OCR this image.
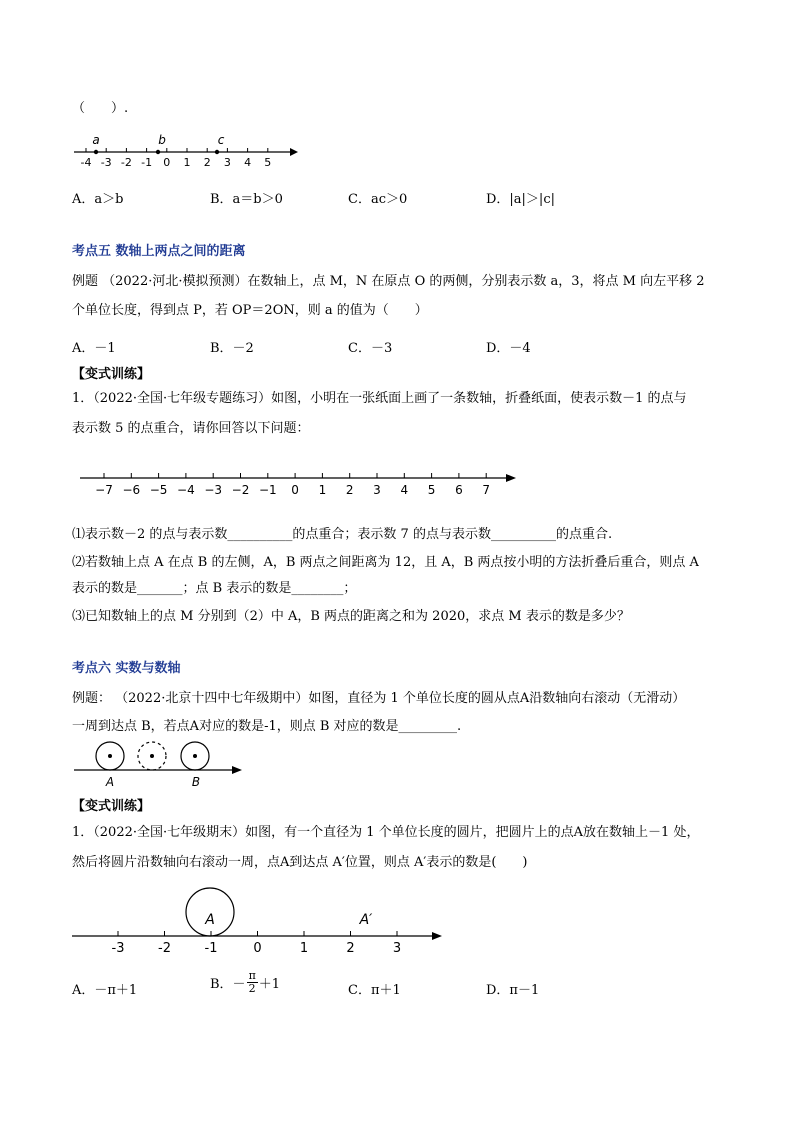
（　　）.
-4 -3 -2 -1 0 1 2 3 4 5
a	b	c
A．a＞b	B．a＝b＞0	C．ac＞0	D．|a|＞|c|
考点五 数轴上两点之间的距离
例题 （2022·河北·模拟预测）在数轴上，点 M，N 在原点 O 的两侧，分别表示数 a，3，将点 M 向左平移 2
个单位长度，得到点 P，若 OP＝2ON，则 a 的值为（　　）
A．－1	B．－2	C．－3	D．－4
【变式训练】
1．（2022·全国·七年级专题练习）如图，小明在一张纸面上画了一条数轴，折叠纸面，使表示数－1 的点与
表示数 5 的点重合，请你回答以下问题：
−7 −6 −5 −4 −3 −2 −1 0 1 2 3 4 5 6 7
⑴表示数－2 的点与表示数__________的点重合；表示数 7 的点与表示数__________的点重合.
⑵若数轴上点 A 在点 B 的左侧，A，B 两点之间距离为 12，且 A，B 两点按小明的方法折叠后重合，则点 A
表示的数是_______；点 B 表示的数是________；
⑶已知数轴上的点 M 分别到（2）中 A，B 两点的距离之和为 2020，求点 M 表示的数是多少？
考点六 实数与数轴
例题： （2022·北京十四中七年级期中）如图，直径为 1 个单位长度的圆从点A沿数轴向右滚动（无滑动）
一周到达点 B，若点A对应的数是-1，则点 B 对应的数是_________.
A	B
【变式训练】
1．（2022·全国·七年级期末）如图，有一个直径为 1 个单位长度的圆片，把圆片上的点A放在数轴上－1 处，
然后将圆片沿数轴向右滚动一周，点A到达点 A′位置，则点 A′表示的数是(　　)
-3	-2	-1	0	1	2	3
A	A′
A．－π＋1	B．－ $\frac{\pi}{2} +1$	C．π＋1	D．π－1
